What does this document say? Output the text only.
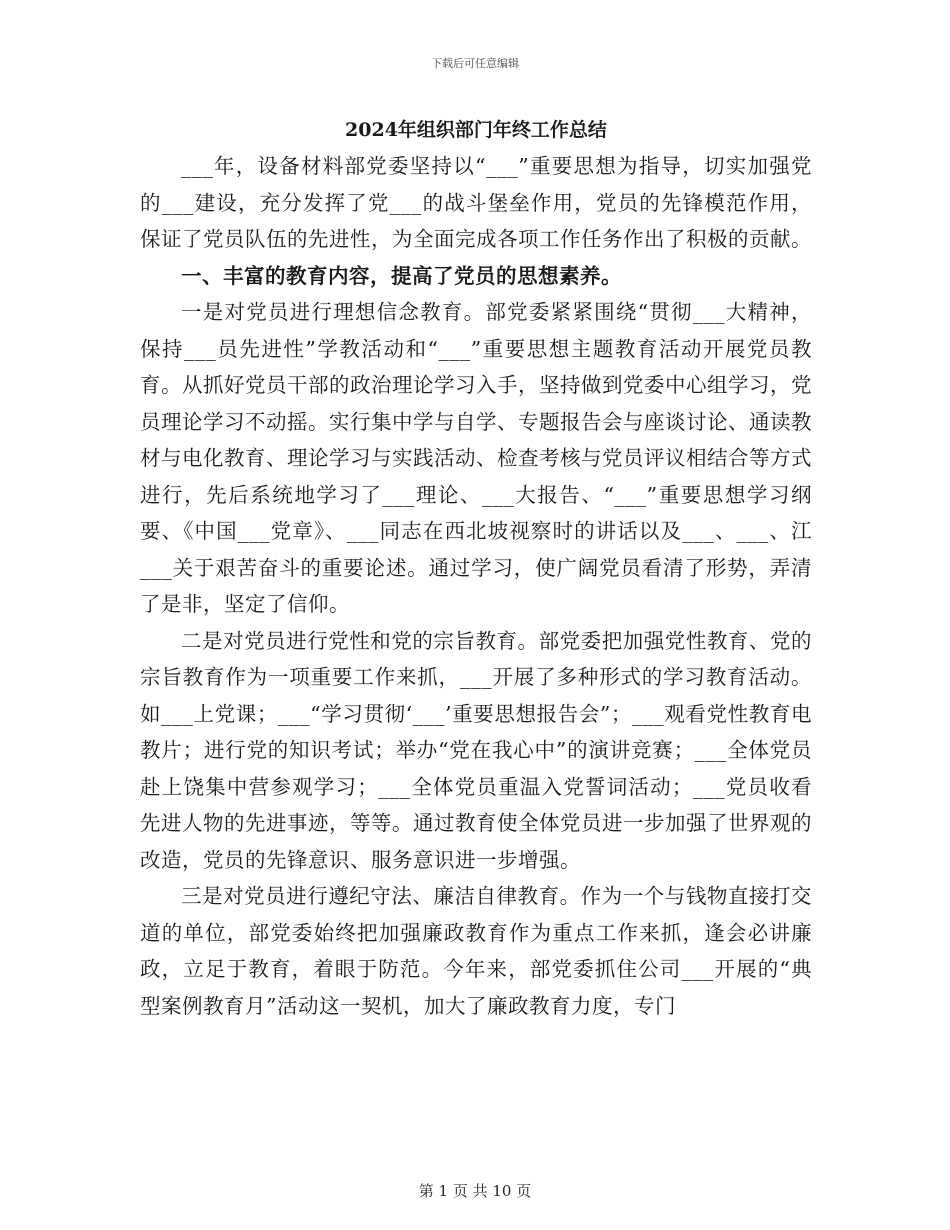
下载后可任意编辑
2024年组织部门年终工作总结

___年，设备材料部党委坚持以“___”重要思想为指导，切实加强党的___建设，充分发挥了党___的战斗堡垒作用，党员的先锋模范作用，保证了党员队伍的先进性，为全面完成各项工作任务作出了积极的贡献。

一、丰富的教育内容，提高了党员的思想素养。

一是对党员进行理想信念教育。部党委紧紧围绕“贯彻___大精神，保持___员先进性”学教活动和“___”重要思想主题教育活动开展党员教育。从抓好党员干部的政治理论学习入手，坚持做到党委中心组学习，党员理论学习不动摇。实行集中学与自学、专题报告会与座谈讨论、通读教材与电化教育、理论学习与实践活动、检查考核与党员评议相结合等方式进行，先后系统地学习了___理论、___大报告、“___”重要思想学习纲要、《中国___党章》、___同志在西北坡视察时的讲话以及___、___、江___关于艰苦奋斗的重要论述。通过学习，使广阔党员看清了形势，弄清了是非，坚定了信仰。

二是对党员进行党性和党的宗旨教育。部党委把加强党性教育、党的宗旨教育作为一项重要工作来抓，___开展了多种形式的学习教育活动。如___上党课；___“学习贯彻‘___’重要思想报告会”；___观看党性教育电教片；进行党的知识考试；举办“党在我心中”的演讲竞赛；___全体党员赴上饶集中营参观学习；___全体党员重温入党誓词活动；___党员收看先进人物的先进事迹，等等。通过教育使全体党员进一步加强了世界观的改造，党员的先锋意识、服务意识进一步增强。

三是对党员进行遵纪守法、廉洁自律教育。作为一个与钱物直接打交道的单位，部党委始终把加强廉政教育作为重点工作来抓，逢会必讲廉政，立足于教育，着眼于防范。今年来，部党委抓住公司___开展的“典型案例教育月”活动这一契机，加大了廉政教育力度，专门

第 1 页 共 10 页
